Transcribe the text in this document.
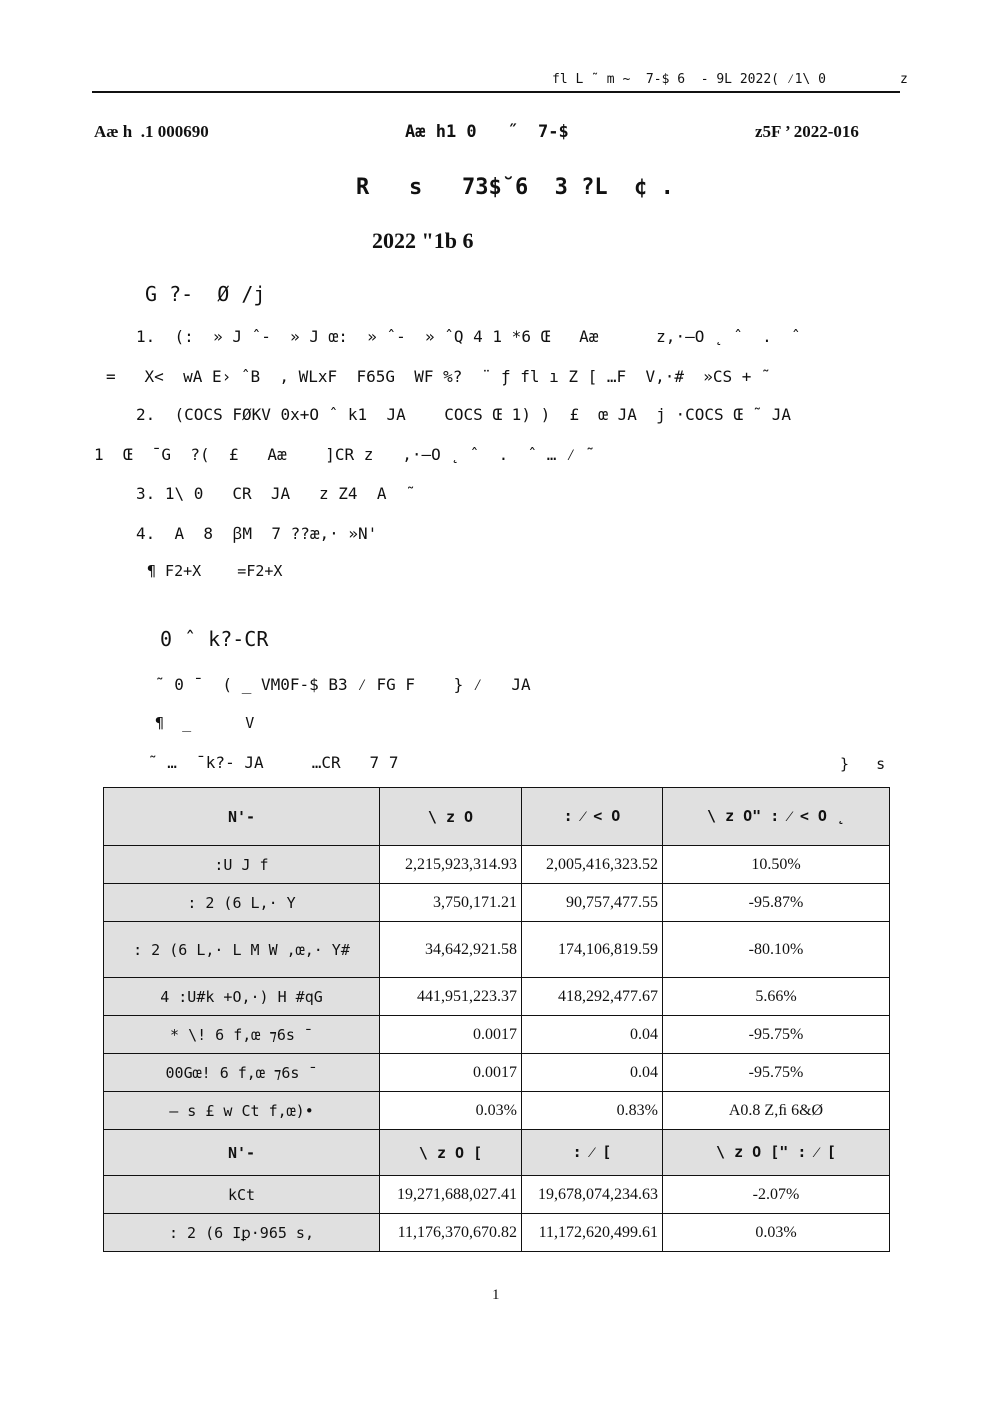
fl L ˜ m ~  7-$ 6  - 9L 2022( ⁄1\ 0	z
Aæ h  .1 000690	Aæ h1 0   ˝  7-$	z5F ’ 2022-016
R   s   73$˘6  3 ?L  ¢ .
2022 "1b 6
G ?-  Ø /j
1.  (:  » J ˆ-  » J œ:  » ˆ-  » ˆQ 4 1 *6 Œ   Aæ      z,·–O ˛ ˆ  .  ˆ
=   X<  wA E› ˆB  , WLxF  F65G  WF %?  ¨ ƒ fl ı Z [ …F  V,·#  »CS + ˜
2.  (COCS FØKV 0x+O ˆ k1  JA    COCS Œ 1) )  £  œ JA  j ·COCS Œ ˜ JA
1  Œ  ¯G  ?(  £   Aæ    ]CR z   ,·–O ˛ ˆ  .  ˆ … ⁄ ˜
3. 1\ 0   CR  JA   z Z4  A  ˜
4.  A  8  ꞵM  7 ??æ,· »N'
¶ F2+X    =F2+X
0 ˆ k?-CR
˜ 0 ¯  ( _ VM0F-$ B3 ⁄ FG F    } ⁄   JA
¶  _      V
˜ …  ¯k?- JA     …CR   7 7	}   s
N'-	\ z O	: ⁄ < O	\ z O" : ⁄ < O ˛
:U J f	2,215,923,314.93	2,005,416,323.52	10.50%
: 2 (6 L,· Y	3,750,171.21	90,757,477.55	-95.87%
: 2 (6 L,· L M W ,œ,· Y#	34,642,921.58	174,106,819.59	-80.10%
4 :U#k +O,·) H #qG	441,951,223.37	418,292,477.67	5.66%
* \! 6 f,œ ⁊6s ¯	0.0017	0.04	-95.75%
00Gœ! 6 f,œ ⁊6s ¯	0.0017	0.04	-95.75%
– s £ w Ct f,œ)•	0.03%	0.83%	A0.8 Z,ﬁ 6&Ø
N'-	\ z O [	: ⁄ [	\ z O [" : ⁄ [
kCt	19,271,688,027.41	19,678,074,234.63	-2.07%
: 2 (6 Iꝑ·965 s,	11,176,370,670.82	11,172,620,499.61	0.03%
1
